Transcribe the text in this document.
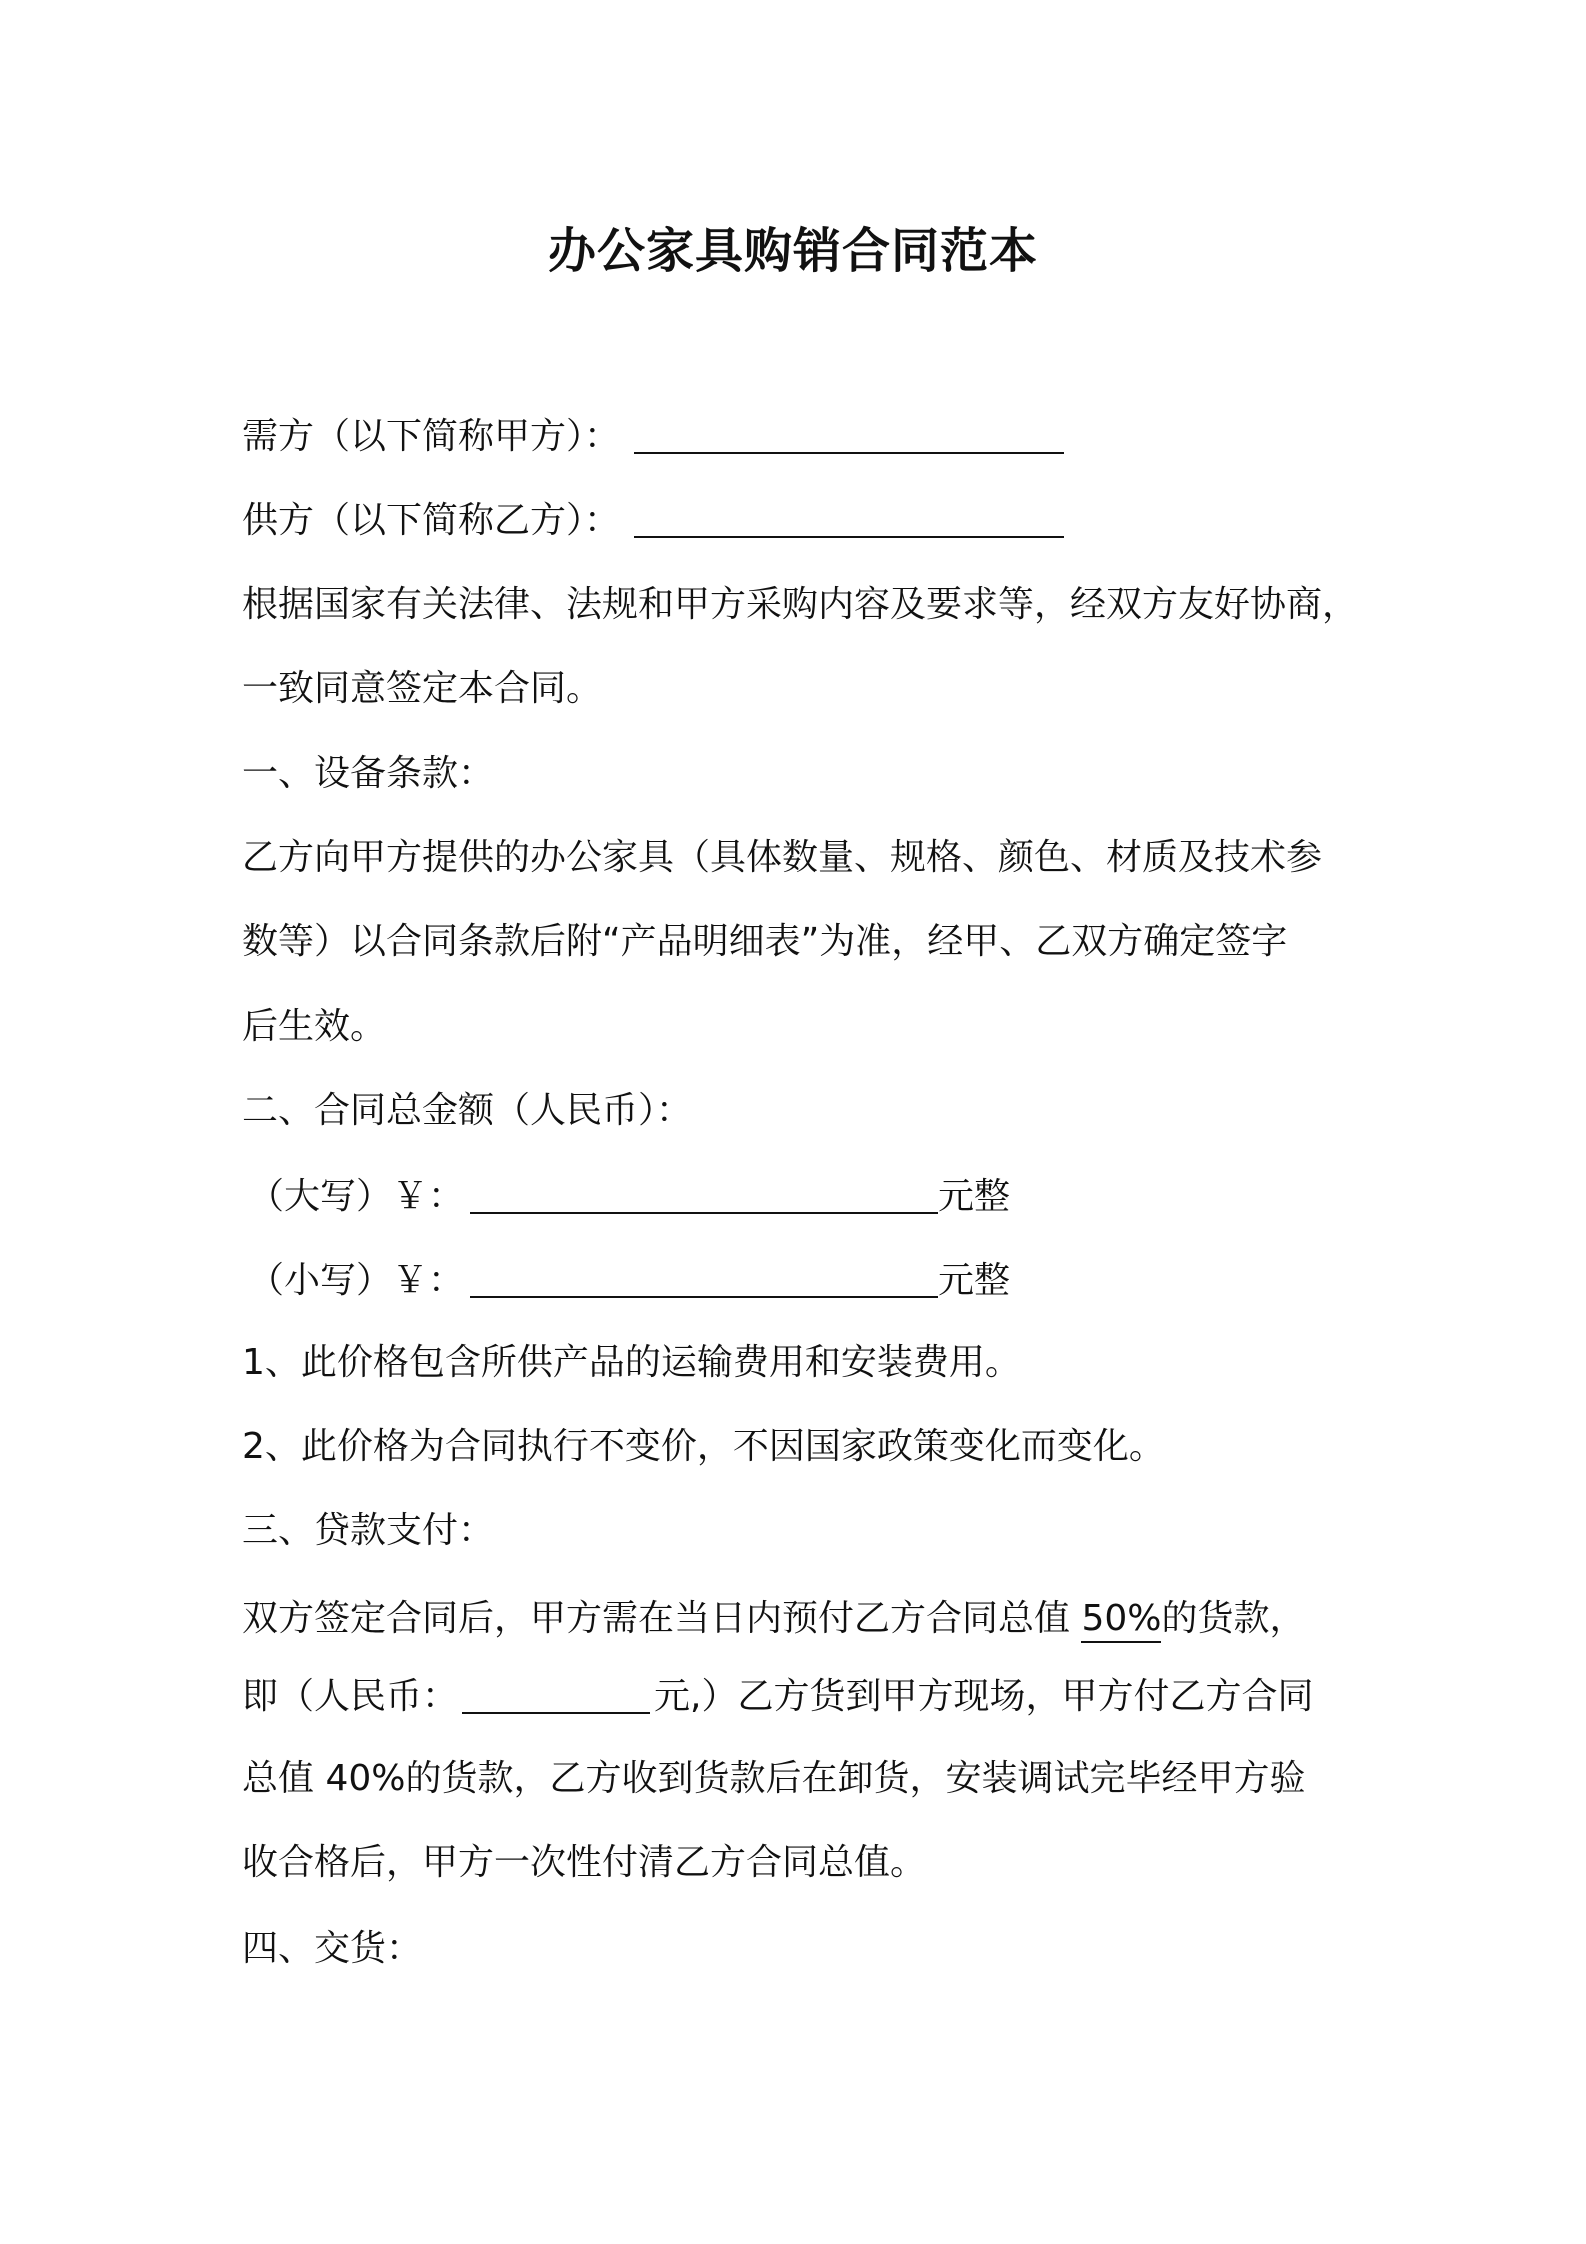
办公家具购销合同范本
需方（以下简称甲方）：
供方（以下简称乙方）：
根据国家有关法律、法规和甲方采购内容及要求等，经双方友好协商，
一致同意签定本合同。
一、设备条款：
乙方向甲方提供的办公家具（具体数量、规格、颜色、材质及技术参
数等）以合同条款后附“产品明细表”为准，经甲、乙双方确定签字
后生效。
二、合同总金额（人民币）：
（大写）￥：	元整
（小写）￥：	元整
1、此价格包含所供产品的运输费用和安装费用。
2、此价格为合同执行不变价，不因国家政策变化而变化。
三、贷款支付：
双方签定合同后，甲方需在当日内预付乙方合同总值 50%的货款，
即（人民币：	元,）乙方货到甲方现场，甲方付乙方合同
总值 40%的货款，乙方收到货款后在卸货，安装调试完毕经甲方验
收合格后，甲方一次性付清乙方合同总值。
四、交货：
